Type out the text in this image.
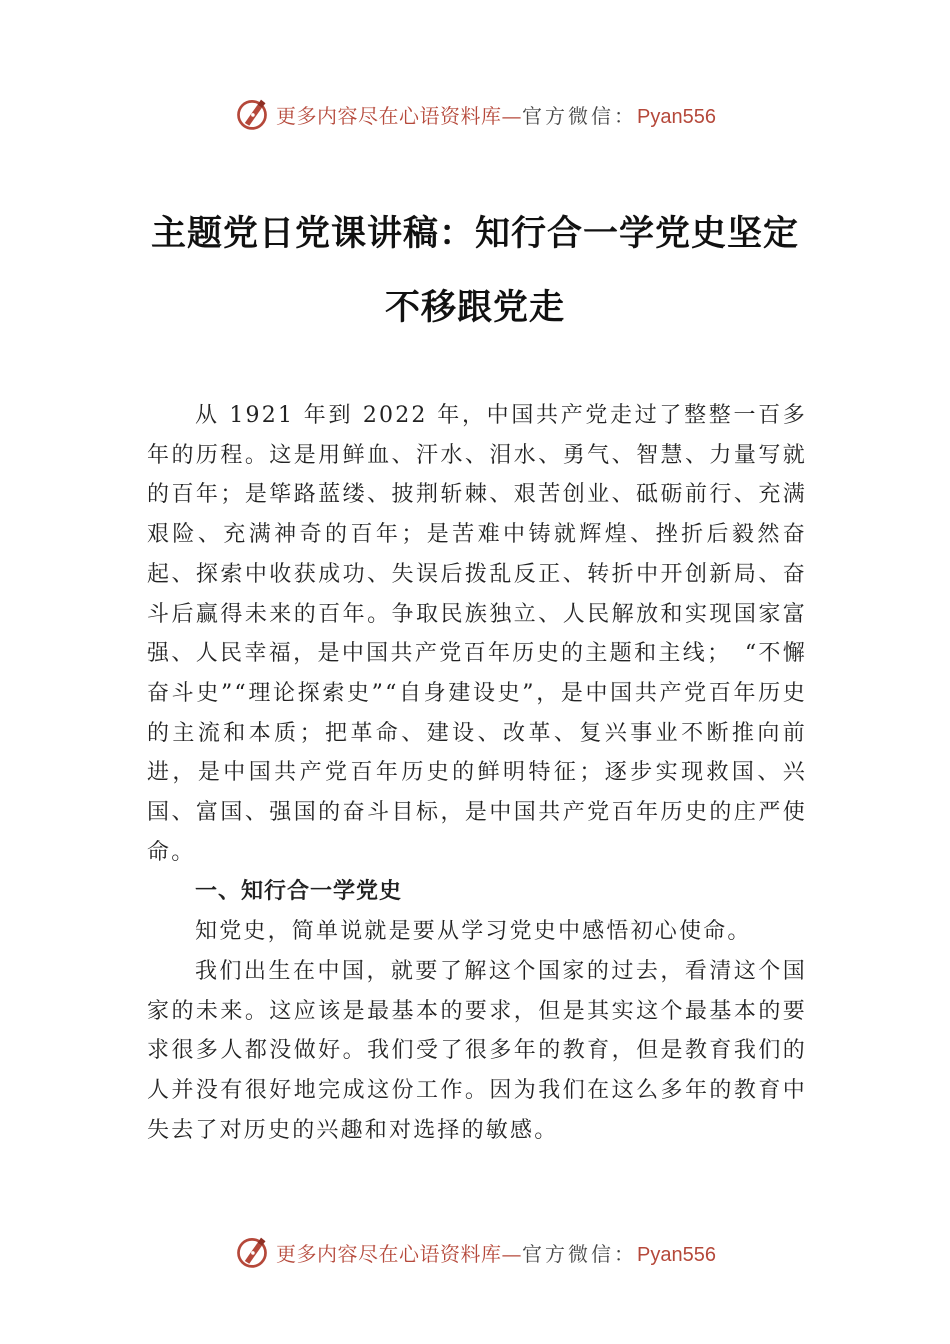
更多内容尽在心语资料库—官方微信：Pyan556
主题党日党课讲稿：知行合一学党史坚定
不移跟党走

从 1921 年到 2022 年，中国共产党走过了整整一百多年的历程。这是用鲜血、汗水、泪水、勇气、智慧、力量写就的百年；是筚路蓝缕、披荆斩棘、艰苦创业、砥砺前行、充满艰险、充满神奇的百年；是苦难中铸就辉煌、挫折后毅然奋起、探索中收获成功、失误后拨乱反正、转折中开创新局、奋斗后赢得未来的百年。争取民族独立、人民解放和实现国家富强、人民幸福，是中国共产党百年历史的主题和主线；　“不懈奋斗史”“理论探索史”“自身建设史”，是中国共产党百年历史的主流和本质；把革命、建设、改革、复兴事业不断推向前进，是中国共产党百年历史的鲜明特征；逐步实现救国、兴国、富国、强国的奋斗目标，是中国共产党百年历史的庄严使命。

一、知行合一学党史

知党史，简单说就是要从学习党史中感悟初心使命。

我们出生在中国，就要了解这个国家的过去，看清这个国家的未来。这应该是最基本的要求，但是其实这个最基本的要求很多人都没做好。我们受了很多年的教育，但是教育我们的人并没有很好地完成这份工作。因为我们在这么多年的教育中失去了对历史的兴趣和对选择的敏感。

更多内容尽在心语资料库—官方微信：Pyan556
